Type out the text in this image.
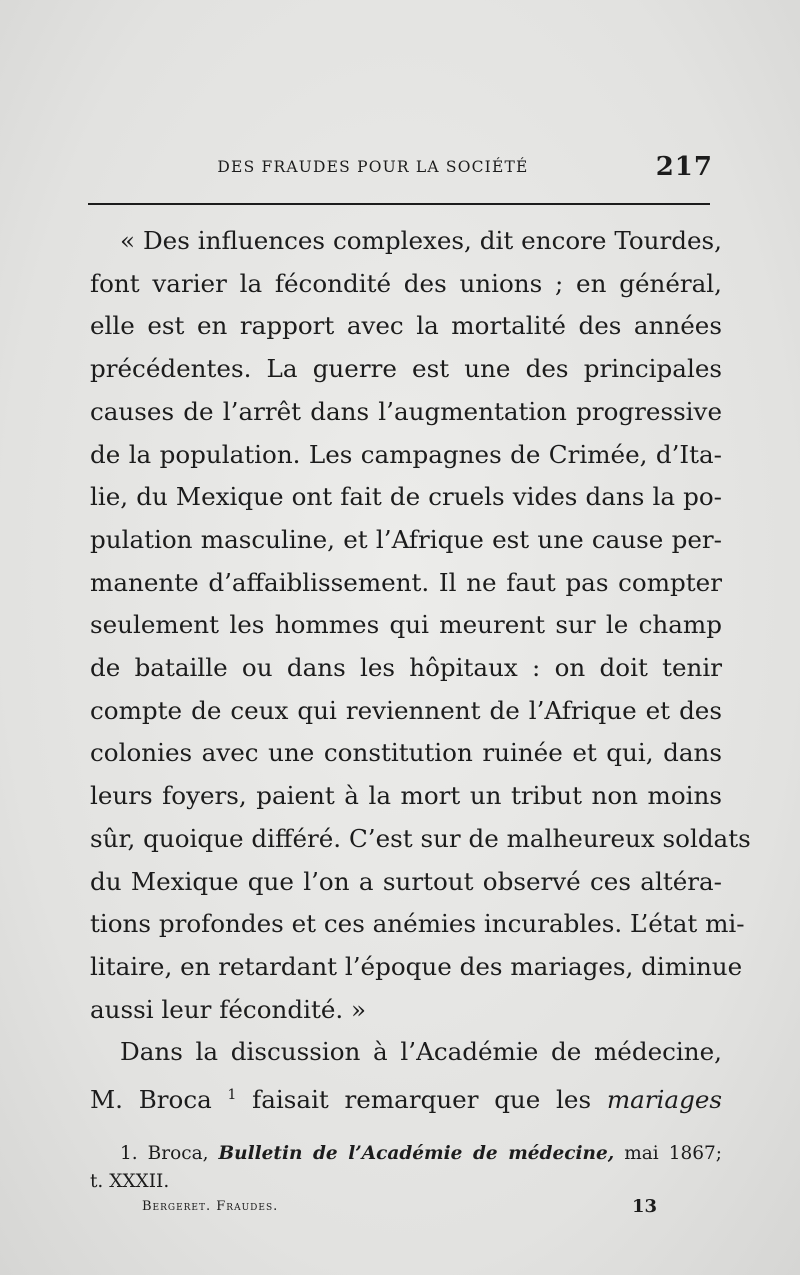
DES FRAUDES POUR LA SOCIÉTÉ	217
« Des influences complexes, dit encore Tourdes,
font varier la fécondité des unions ; en général,
elle est en rapport avec la mortalité des années
précédentes. La guerre est une des principales
causes de l’arrêt dans l’augmentation progressive
de la population. Les campagnes de Crimée, d’Ita-
lie, du Mexique ont fait de cruels vides dans la po-
pulation masculine, et l’Afrique est une cause per-
manente d’affaiblissement. Il ne faut pas compter
seulement les hommes qui meurent sur le champ
de bataille ou dans les hôpitaux : on doit tenir
compte de ceux qui reviennent de l’Afrique et des
colonies avec une constitution ruinée et qui, dans
leurs foyers, paient à la mort un tribut non moins
sûr, quoique différé. C’est sur de malheureux soldats
du Mexique que l’on a surtout observé ces altéra-
tions profondes et ces anémies incurables. L’état mi-
litaire, en retardant l’époque des mariages, diminue
aussi leur fécondité. »
Dans la discussion à l’Académie de médecine,
M. Broca $^1$ faisait remarquer que les mariages
1. Broca, Bulletin de l’Académie de médecine, mai 1867;
t. XXXII.
Bergeret. Fraudes.	13
